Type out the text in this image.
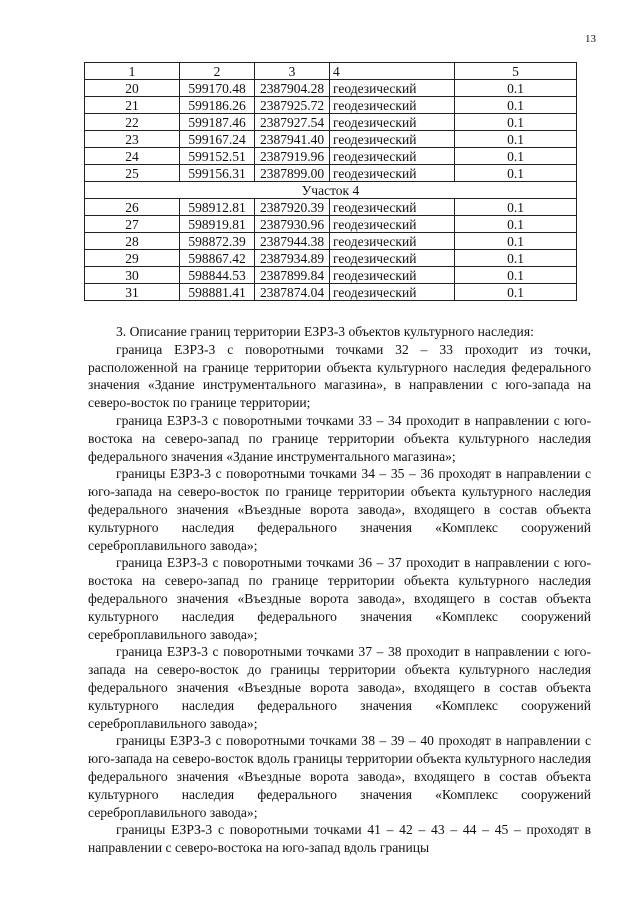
13
1	2	3	4	5
20	599170.48	2387904.28	геодезический	0.1
21	599186.26	2387925.72	геодезический	0.1
22	599187.46	2387927.54	геодезический	0.1
23	599167.24	2387941.40	геодезический	0.1
24	599152.51	2387919.96	геодезический	0.1
25	599156.31	2387899.00	геодезический	0.1
Участок 4				
26	598912.81	2387920.39	геодезический	0.1
27	598919.81	2387930.96	геодезический	0.1
28	598872.39	2387944.38	геодезический	0.1
29	598867.42	2387934.89	геодезический	0.1
30	598844.53	2387899.84	геодезический	0.1
31	598881.41	2387874.04	геодезический	0.1

3. Описание границ территории ЕЗРЗ-3 объектов культурного наследия:

граница ЕЗРЗ-3 с поворотными точками 32 – 33 проходит из точки, расположенной на границе территории объекта культурного наследия федерального значения «Здание инструментального магазина», в направлении с юго-запада на северо-восток по границе территории;

граница ЕЗРЗ-3 с поворотными точками 33 – 34 проходит в направлении с юго-востока на северо-запад по границе территории объекта культурного наследия федерального значения «Здание инструментального магазина»;

границы ЕЗРЗ-3 с поворотными точками 34 – 35 – 36 проходят в направлении с юго-запада на северо-восток по границе территории объекта культурного наследия федерального значения «Въездные ворота завода», входящего в состав объекта культурного наследия федерального значения «Комплекс сооружений сереброплавильного завода»;

граница ЕЗРЗ-3 с поворотными точками 36 – 37 проходит в направлении с юго-востока на северо-запад по границе территории объекта культурного наследия федерального значения «Въездные ворота завода», входящего в состав объекта культурного наследия федерального значения «Комплекс сооружений сереброплавильного завода»;

граница ЕЗРЗ-3 с поворотными точками 37 – 38 проходит в направлении с юго-запада на северо-восток до границы территории объекта культурного наследия федерального значения «Въездные ворота завода», входящего в состав объекта культурного наследия федерального значения «Комплекс сооружений сереброплавильного завода»;

границы ЕЗРЗ-3 с поворотными точками 38 – 39 – 40 проходят в направлении с юго-запада на северо-восток вдоль границы территории объекта культурного наследия федерального значения «Въездные ворота завода», входящего в состав объекта культурного наследия федерального значения «Комплекс сооружений сереброплавильного завода»;

границы ЕЗРЗ-3 с поворотными точками 41 – 42 – 43 – 44 – 45 – проходят в направлении с северо-востока на юго-запад вдоль границы
